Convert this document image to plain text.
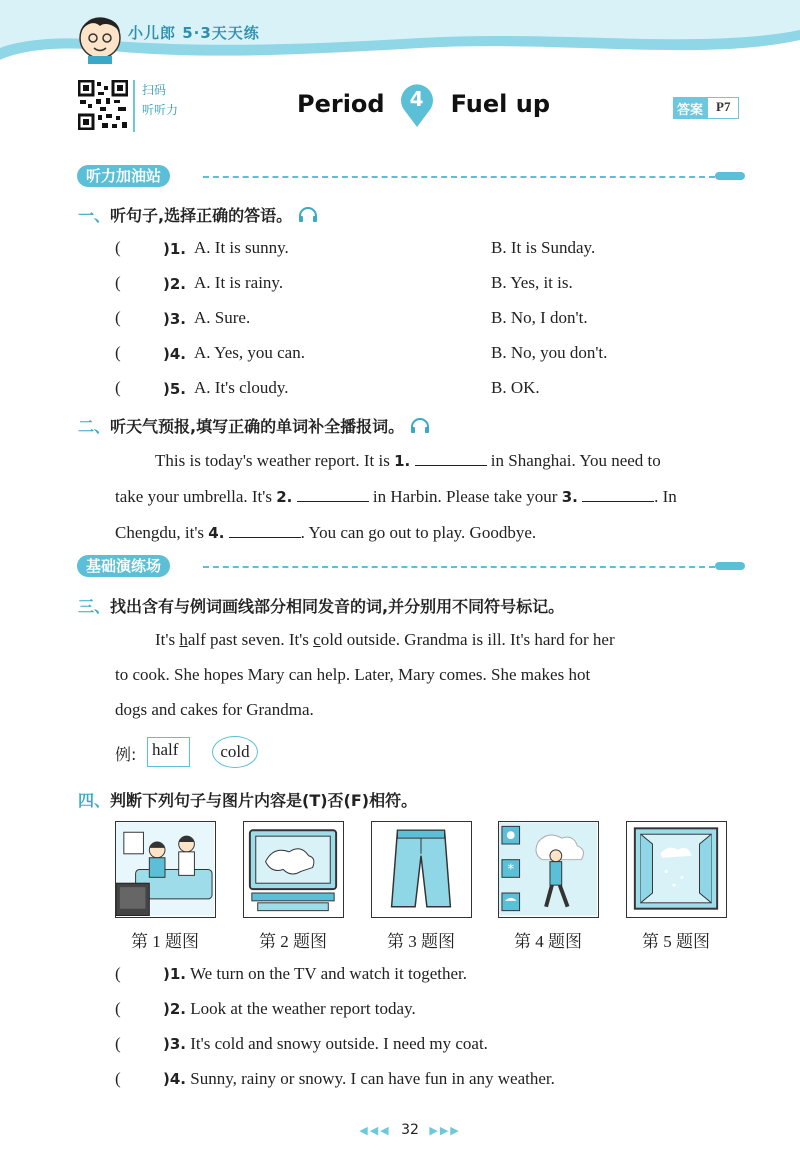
小儿郎 5·3天天练
扫码
听听力	Period	4	Fuel up	答案	P7
听力加油站
一、 听句子,选择正确的答语。
(	)1. A. It is sunny.	B. It is Sunday.
(	)2. A. It is rainy.	B. Yes, it is.
(	)3. A. Sure.	B. No, I don't.
(	)4. A. Yes, you can.	B. No, you don't.
(	)5. A. It's cloudy.	B. OK.
二、 听天气预报,填写正确的单词补全播报词。
This is today's weather report. It is 1.	in Shanghai. You need to
take your umbrella. It's 2.	in Harbin. Please take your 3.	. In
Chengdu, it's 4.	. You can go out to play. Goodbye.
基础演练场
三、 找出含有与例词画线部分相同发音的词,并分别用不同符号标记。
It's half past seven. It's cold outside. Grandma is ill. It's hard for her
to cook. She hopes Mary can help. Later, Mary comes. She makes hot
dogs and cakes for Grandma.
例: half	cold
四、 判断下列句子与图片内容是(T)否(F)相符。
*
第 1 题图	第 2 题图	第 3 题图	第 4 题图	第 5 题图
(	)1. We turn on the TV and watch it together.
(	)2. Look at the weather report today.
(	)3. It's cold and snowy outside. I need my coat.
(	)4. Sunny, rainy or snowy. I can have fun in any weather.
◀◀◀ 32 ▶▶▶
